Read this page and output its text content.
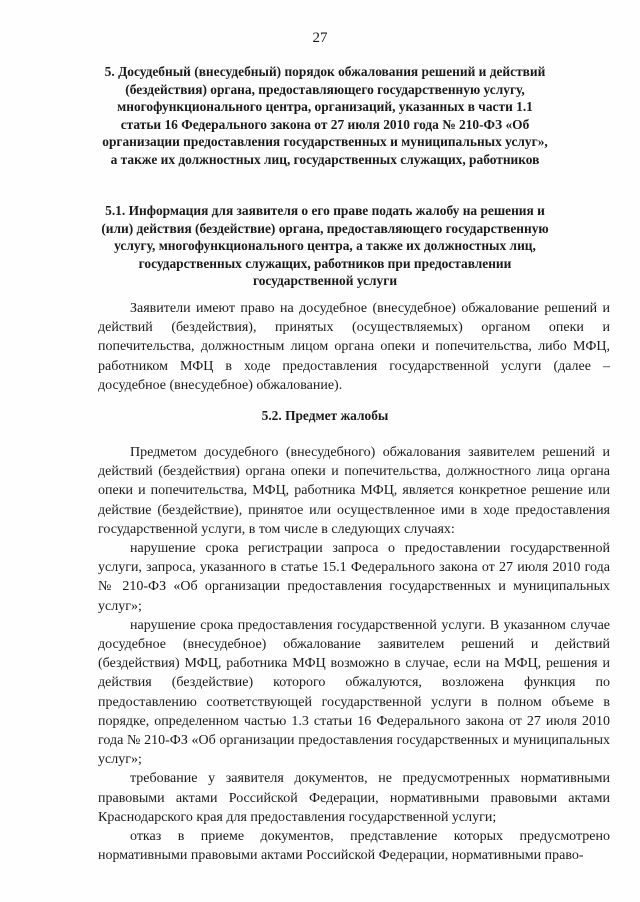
27
5. Досудебный (внесудебный) порядок обжалования решений и действий (бездействия) органа, предоставляющего государственную услугу, многофункционального центра, организаций, указанных в части 1.1 статьи 16 Федерального закона от 27 июля 2010 года № 210-ФЗ «Об организации предоставления государственных и муниципальных услуг», а также их должностных лиц, государственных служащих, работников
5.1. Информация для заявителя о его праве подать жалобу на решения и (или) действия (бездействие) органа, предоставляющего государственную услугу, многофункционального центра, а также их должностных лиц, государственных служащих, работников при предоставлении государственной услуги

Заявители имеют право на досудебное (внесудебное) обжалование решений и действий (бездействия), принятых (осуществляемых) органом опеки и попечительства, должностным лицом органа опеки и попечительства, либо МФЦ, работником МФЦ в ходе предоставления государственной услуги (далее – досудебное (внесудебное) обжалование).

5.2. Предмет жалобы

Предметом досудебного (внесудебного) обжалования заявителем решений и действий (бездействия) органа опеки и попечительства, должностного лица органа опеки и попечительства, МФЦ, работника МФЦ, является конкретное решение или действие (бездействие), принятое или осуществленное ими в ходе предоставления государственной услуги, в том числе в следующих случаях:

нарушение срока регистрации запроса о предоставлении государственной услуги, запроса, указанного в статье 15.1 Федерального закона от 27 июля 2010 года № 210-ФЗ «Об организации предоставления государственных и муниципальных услуг»;

нарушение срока предоставления государственной услуги. В указанном случае досудебное (внесудебное) обжалование заявителем решений и действий (бездействия) МФЦ, работника МФЦ возможно в случае, если на МФЦ, решения и действия (бездействие) которого обжалуются, возложена функция по предоставлению соответствующей государственной услуги в полном объеме в порядке, определенном частью 1.3 статьи 16 Федерального закона от 27 июля 2010 года № 210-ФЗ «Об организации предоставления государственных и муниципальных услуг»;

требование у заявителя документов, не предусмотренных нормативными правовыми актами Российской Федерации, нормативными правовыми актами Краснодарского края для предоставления государственной услуги;

отказ в приеме документов, представление которых предусмотрено нормативными правовыми актами Российской Федерации, нормативными право-
